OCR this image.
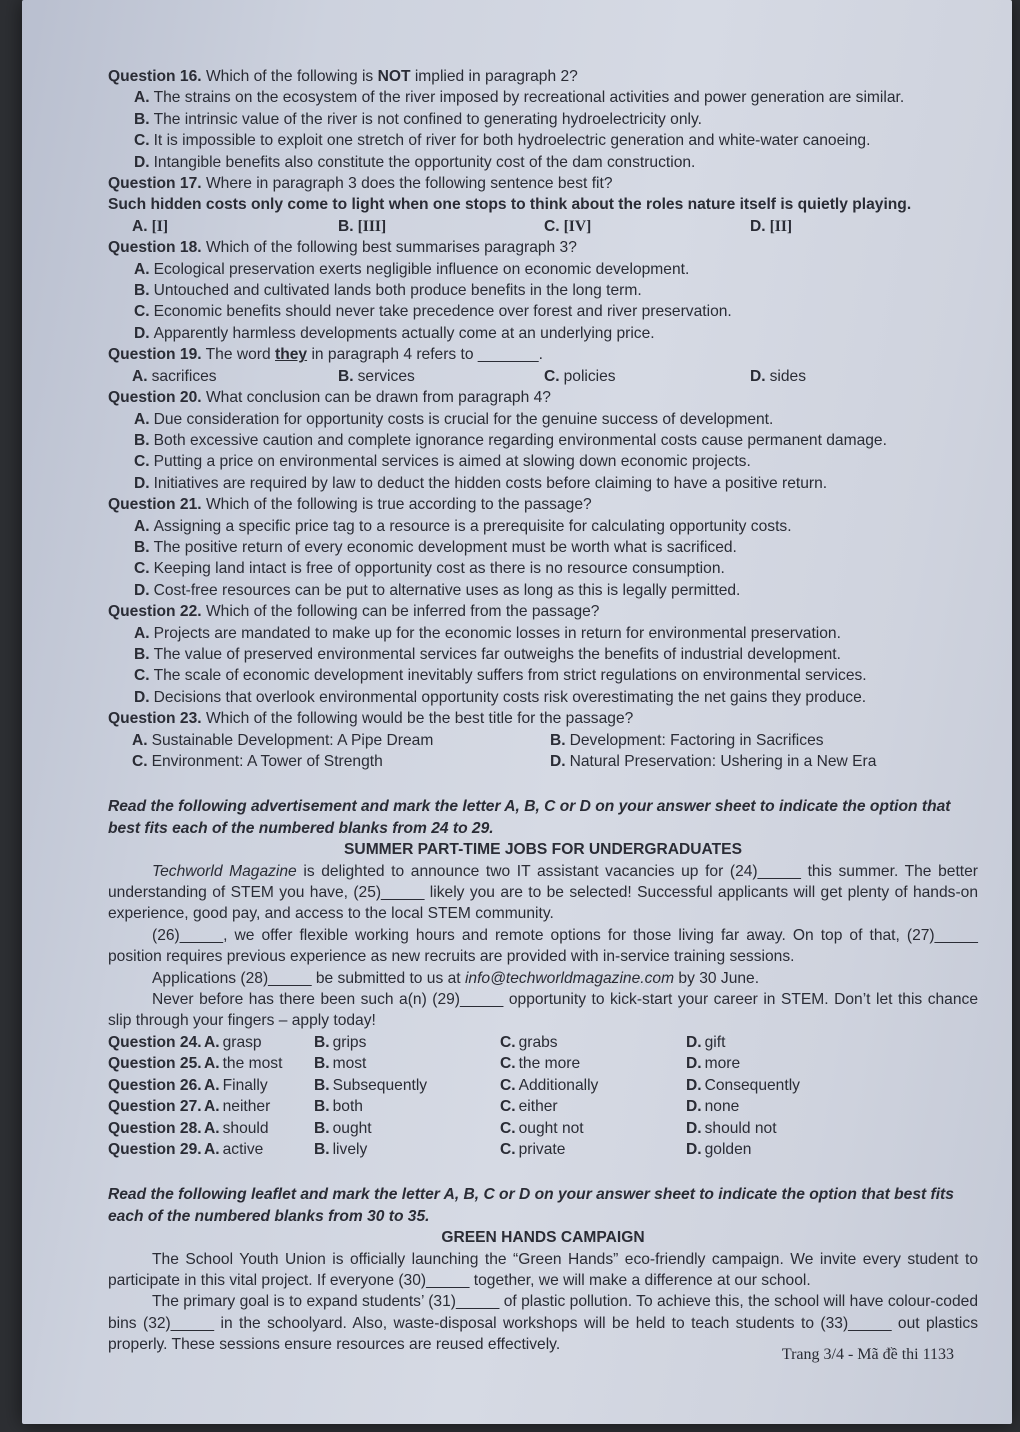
Question 16. Which of the following is NOT implied in paragraph 2?
A. The strains on the ecosystem of the river imposed by recreational activities and power generation are similar.
B. The intrinsic value of the river is not confined to generating hydroelectricity only.
C. It is impossible to exploit one stretch of river for both hydroelectric generation and white-water canoeing.
D. Intangible benefits also constitute the opportunity cost of the dam construction.
Question 17. Where in paragraph 3 does the following sentence best fit?
Such hidden costs only come to light when one stops to think about the roles nature itself is quietly playing.
A. [I]	B. [III]	C. [IV]	D. [II]
Question 18. Which of the following best summarises paragraph 3?
A. Ecological preservation exerts negligible influence on economic development.
B. Untouched and cultivated lands both produce benefits in the long term.
C. Economic benefits should never take precedence over forest and river preservation.
D. Apparently harmless developments actually come at an underlying price.
Question 19. The word they in paragraph 4 refers to _______.
A. sacrifices	B. services	C. policies	D. sides
Question 20. What conclusion can be drawn from paragraph 4?
A. Due consideration for opportunity costs is crucial for the genuine success of development.
B. Both excessive caution and complete ignorance regarding environmental costs cause permanent damage.
C. Putting a price on environmental services is aimed at slowing down economic projects.
D. Initiatives are required by law to deduct the hidden costs before claiming to have a positive return.
Question 21. Which of the following is true according to the passage?
A. Assigning a specific price tag to a resource is a prerequisite for calculating opportunity costs.
B. The positive return of every economic development must be worth what is sacrificed.
C. Keeping land intact is free of opportunity cost as there is no resource consumption.
D. Cost-free resources can be put to alternative uses as long as this is legally permitted.
Question 22. Which of the following can be inferred from the passage?
A. Projects are mandated to make up for the economic losses in return for environmental preservation.
B. The value of preserved environmental services far outweighs the benefits of industrial development.
C. The scale of economic development inevitably suffers from strict regulations on environmental services.
D. Decisions that overlook environmental opportunity costs risk overestimating the net gains they produce.
Question 23. Which of the following would be the best title for the passage?
A. Sustainable Development: A Pipe Dream	B. Development: Factoring in Sacrifices
C. Environment: A Tower of Strength	D. Natural Preservation: Ushering in a New Era
Read the following advertisement and mark the letter A, B, C or D on your answer sheet to indicate the option that best fits each of the numbered blanks from 24 to 29.
SUMMER PART-TIME JOBS FOR UNDERGRADUATES
Techworld Magazine is delighted to announce two IT assistant vacancies up for (24)_____ this summer. The better understanding of STEM you have, (25)_____ likely you are to be selected! Successful applicants will get plenty of hands-on experience, good pay, and access to the local STEM community.
(26)_____, we offer flexible working hours and remote options for those living far away. On top of that, (27)_____ position requires previous experience as new recruits are provided with in-service training sessions.
Applications (28)_____ be submitted to us at info@techworldmagazine.com by 30 June.
Never before has there been such a(n) (29)_____ opportunity to kick-start your career in STEM. Don’t let this chance slip through your fingers – apply today!
Question 24. A. grasp	B. grips	C. grabs	D. gift
Question 25. A. the most	B. most	C. the more	D. more
Question 26. A. Finally	B. Subsequently	C. Additionally	D. Consequently
Question 27. A. neither	B. both	C. either	D. none
Question 28. A. should	B. ought	C. ought not	D. should not
Question 29. A. active	B. lively	C. private	D. golden
Read the following leaflet and mark the letter A, B, C or D on your answer sheet to indicate the option that best fits each of the numbered blanks from 30 to 35.
GREEN HANDS CAMPAIGN
The School Youth Union is officially launching the “Green Hands” eco-friendly campaign. We invite every student to participate in this vital project. If everyone (30)_____ together, we will make a difference at our school.
The primary goal is to expand students’ (31)_____ of plastic pollution. To achieve this, the school will have colour-coded bins (32)_____ in the schoolyard. Also, waste-disposal workshops will be held to teach students to (33)_____ out plastics properly. These sessions ensure resources are reused effectively.
Trang 3/4 - Mã đề thi 1133
